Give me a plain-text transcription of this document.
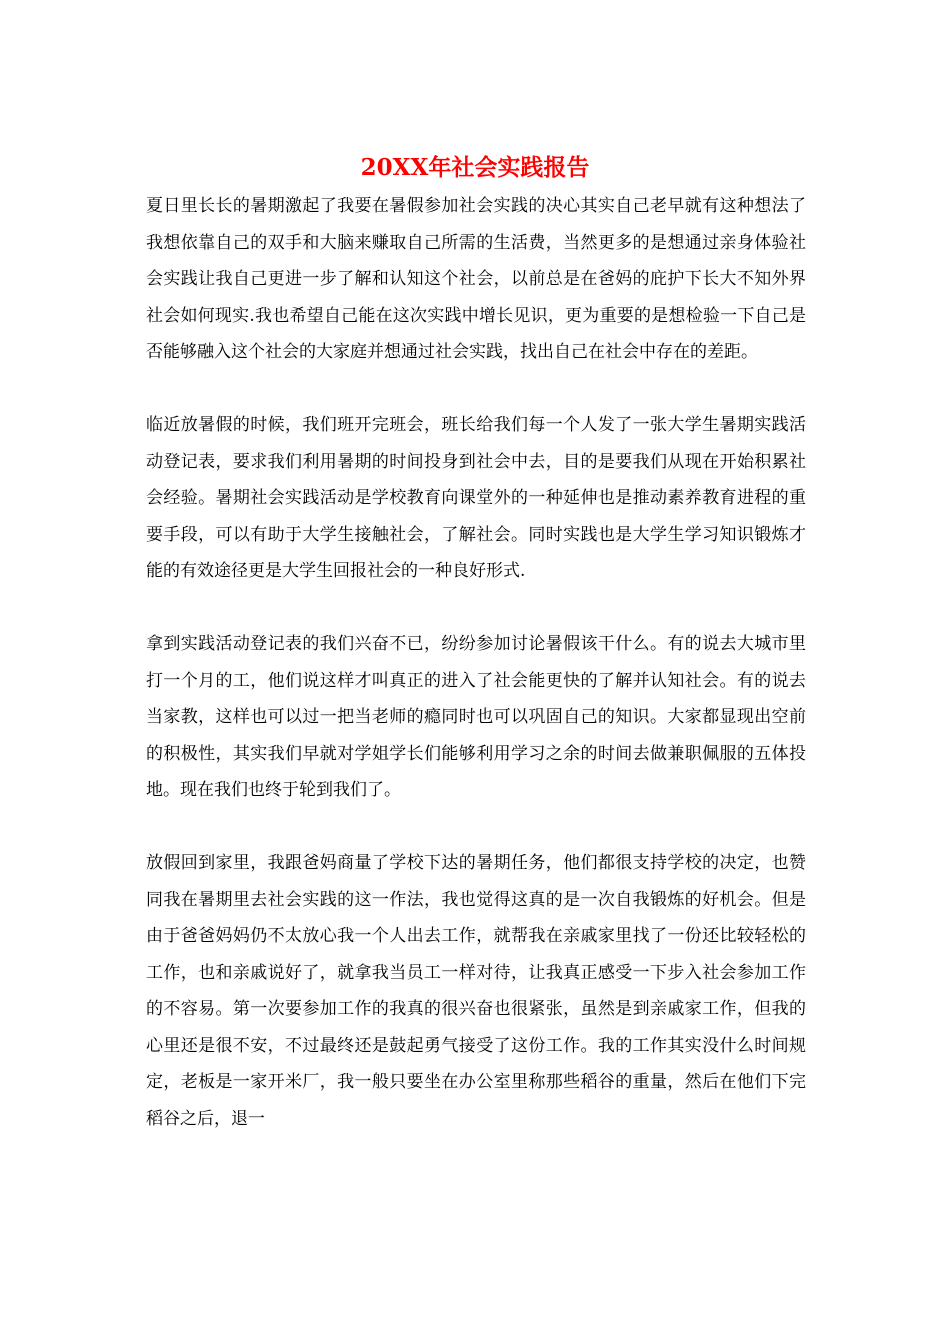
20XX年社会实践报告

夏日里长长的暑期激起了我要在暑假参加社会实践的决心其实自己老早就有这种想法了我想依靠自己的双手和大脑来赚取自己所需的生活费，当然更多的是想通过亲身体验社会实践让我自己更进一步了解和认知这个社会，以前总是在爸妈的庇护下长大不知外界社会如何现实.我也希望自己能在这次实践中增长见识，更为重要的是想检验一下自己是否能够融入这个社会的大家庭并想通过社会实践，找出自己在社会中存在的差距。

临近放暑假的时候，我们班开完班会，班长给我们每一个人发了一张大学生暑期实践活动登记表，要求我们利用暑期的时间投身到社会中去，目的是要我们从现在开始积累社会经验。暑期社会实践活动是学校教育向课堂外的一种延伸也是推动素养教育进程的重要手段，可以有助于大学生接触社会，了解社会。同时实践也是大学生学习知识锻炼才能的有效途径更是大学生回报社会的一种良好形式.

拿到实践活动登记表的我们兴奋不已，纷纷参加讨论暑假该干什么。有的说去大城市里打一个月的工，他们说这样才叫真正的进入了社会能更快的了解并认知社会。有的说去当家教，这样也可以过一把当老师的瘾同时也可以巩固自己的知识。大家都显现出空前的积极性，其实我们早就对学姐学长们能够利用学习之余的时间去做兼职佩服的五体投地。现在我们也终于轮到我们了。

放假回到家里，我跟爸妈商量了学校下达的暑期任务，他们都很支持学校的决定，也赞同我在暑期里去社会实践的这一作法，我也觉得这真的是一次自我锻炼的好机会。但是由于爸爸妈妈仍不太放心我一个人出去工作，就帮我在亲戚家里找了一份还比较轻松的工作，也和亲戚说好了，就拿我当员工一样对待，让我真正感受一下步入社会参加工作的不容易。第一次要参加工作的我真的很兴奋也很紧张，虽然是到亲戚家工作，但我的心里还是很不安，不过最终还是鼓起勇气接受了这份工作。我的工作其实没什么时间规定，老板是一家开米厂，我一般只要坐在办公室里称那些稻谷的重量，然后在他们下完稻谷之后，退一
